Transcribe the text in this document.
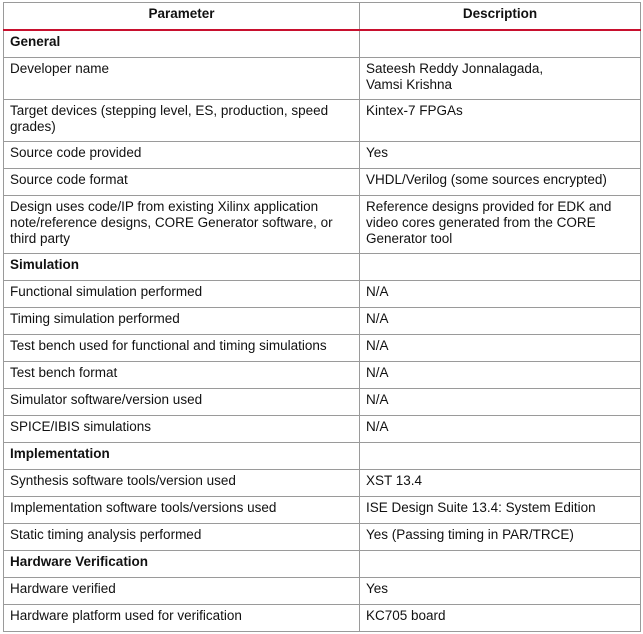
Parameter	Description
General	
Developer name	Sateesh Reddy Jonnalagada,
Vamsi Krishna
Target devices (stepping level, ES, production, speed grades)	Kintex-7 FPGAs
Source code provided	Yes
Source code format	VHDL/Verilog (some sources encrypted)
Design uses code/IP from existing Xilinx application note/reference designs, CORE Generator software, or third party	Reference designs provided for EDK and video cores generated from the CORE Generator tool
Simulation	
Functional simulation performed	N/A
Timing simulation performed	N/A
Test bench used for functional and timing simulations	N/A
Test bench format	N/A
Simulator software/version used	N/A
SPICE/IBIS simulations	N/A
Implementation	
Synthesis software tools/version used	XST 13.4
Implementation software tools/versions used	ISE Design Suite 13.4: System Edition
Static timing analysis performed	Yes (Passing timing in PAR/TRCE)
Hardware Verification	
Hardware verified	Yes
Hardware platform used for verification	KC705 board
